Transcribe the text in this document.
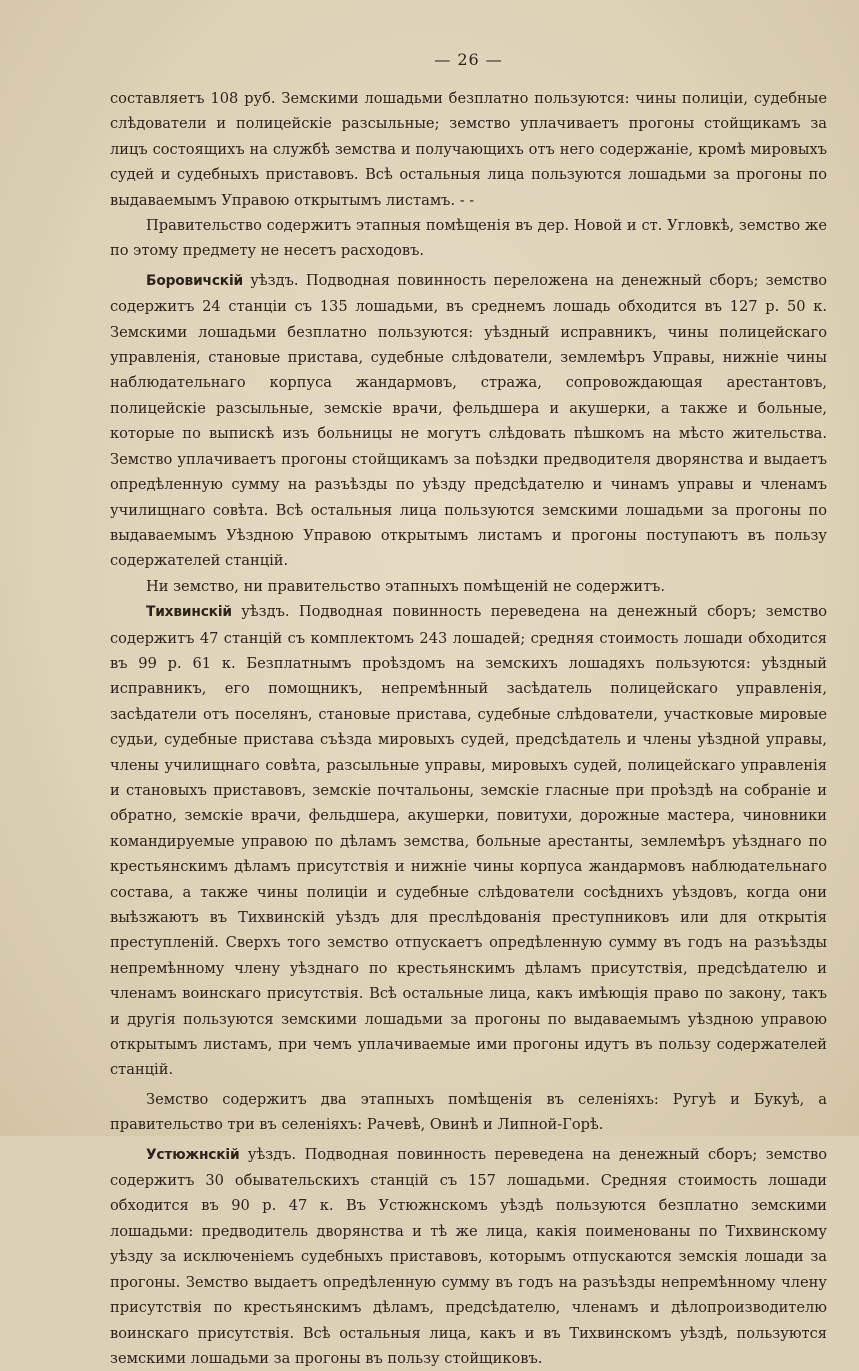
— 26 —

составляетъ 108 руб. Земскими лошадьми безплатно пользуются: чины полиціи, судебные слѣдователи и полицейскіе разсыльные; земство уплачиваетъ прогоны стойщикамъ за лицъ состоящихъ на службѣ земства и получающихъ отъ него содержаніе, кромѣ мировыхъ судей и судебныхъ приставовъ. Всѣ остальныя лица пользуются лошадьми за прогоны по выдаваемымъ Управою открытымъ листамъ. - -

Правительство содержитъ этапныя помѣщенія въ дер. Новой и ст. Угловкѣ, земство же по этому предмету не несетъ расходовъ.

Боровичскій уѣздъ. Подводная повинность переложена на денежный сборъ; земство содержитъ 24 станціи съ 135 лошадьми, въ среднемъ лошадь обходится въ 127 р. 50 к. Земскими лошадьми безплатно пользуются: уѣздный исправникъ, чины полицейскаго управленія, становые пристава, судебные слѣдователи, землемѣръ Управы, нижніе чины наблюдательнаго корпуса жандармовъ, стража, сопровождающая арестантовъ, полицейскіе разсыльные, земскіе врачи, фельдшера и акушерки, а также и больные, которые по выпискѣ изъ больницы не могутъ слѣдовать пѣшкомъ на мѣсто жительства. Земство уплачиваетъ прогоны стойщикамъ за поѣздки предводителя дворянства и выдаетъ опредѣленную сумму на разъѣзды по уѣзду предсѣдателю и чинамъ управы и членамъ училищнаго совѣта. Всѣ остальныя лица пользуются земскими лошадьми за прогоны по выдаваемымъ Уѣздною Управою открытымъ листамъ и прогоны поступаютъ въ пользу содержателей станцій.

Ни земство, ни правительство этапныхъ помѣщеній не содержитъ.

Тихвинскій уѣздъ. Подводная повинность переведена на денежный сборъ; земство содержитъ 47 станцій съ комплектомъ 243 лошадей; средняя стоимость лошади обходится въ 99 р. 61 к. Безплатнымъ проѣздомъ на земскихъ лошадяхъ пользуются: уѣздный исправникъ, его помощникъ, непремѣнный засѣдатель полицейскаго управленія, засѣдатели отъ поселянъ, становые пристава, судебные слѣдователи, участковые мировые судьи, судебные пристава съѣзда мировыхъ судей, предсѣдатель и члены уѣздной управы, члены училищнаго совѣта, разсыльные управы, мировыхъ судей, полицейскаго управленія и становыхъ приставовъ, земскіе почтальоны, земскіе гласные при проѣздѣ на собраніе и обратно, земскіе врачи, фельдшера, акушерки, повитухи, дорожные мастера, чиновники командируемые управою по дѣламъ земства, больные арестанты, землемѣръ уѣзднаго по крестьянскимъ дѣламъ присутствія и нижніе чины корпуса жандармовъ наблюдательнаго состава, а также чины полиціи и судебные слѣдователи сосѣднихъ уѣздовъ, когда они выѣзжаютъ въ Тихвинскій уѣздъ для преслѣдованія преступниковъ или для открытія преступленій. Сверхъ того земство отпускаетъ опредѣленную сумму въ годъ на разъѣзды непремѣнному члену уѣзднаго по крестьянскимъ дѣламъ присутствія, предсѣдателю и членамъ воинскаго присутствія. Всѣ остальные лица, какъ имѣющія право по закону, такъ и другія пользуются земскими лошадьми за прогоны по выдаваемымъ уѣздною управою открытымъ листамъ, при чемъ уплачиваемые ими прогоны идутъ въ пользу содержателей станцій.

Земство содержитъ два этапныхъ помѣщенія въ селеніяхъ: Ругуѣ и Букуѣ, а правительство три въ селеніяхъ: Рачевѣ, Овинѣ и Липной-Горѣ.

Устюжнскій уѣздъ. Подводная повинность переведена на денежный сборъ; земство содержитъ 30 обывательскихъ станцій съ 157 лошадьми. Средняя стоимость лошади обходится въ 90 р. 47 к. Въ Устюжнскомъ уѣздѣ пользуются безплатно земскими лошадьми: предводитель дворянства и тѣ же лица, какія поименованы по Тихвинскому уѣзду за исключеніемъ судебныхъ приставовъ, которымъ отпускаются земскія лошади за прогоны. Земство выдаетъ опредѣленную сумму въ годъ на разъѣзды непремѣнному члену присутствія по крестьянскимъ дѣламъ, предсѣдателю, членамъ и дѣлопроизводителю воинскаго присутствія. Всѣ остальныя лица, какъ и въ Тихвинскомъ уѣздѣ, пользуются земскими лошадьми за прогоны въ пользу стойщиковъ.
